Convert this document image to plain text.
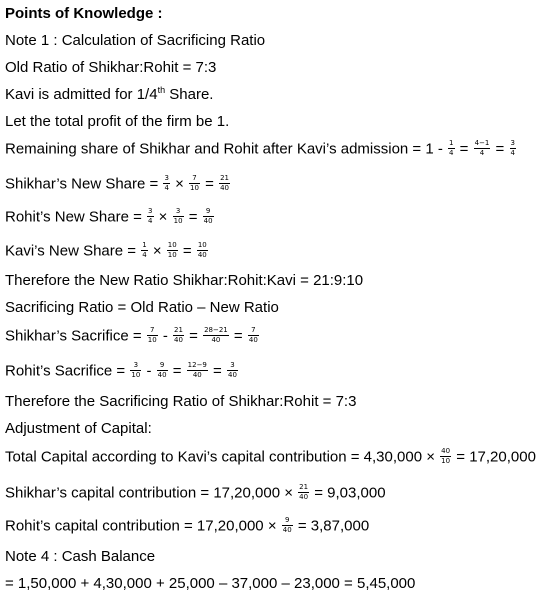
Points of Knowledge :
Note 1 : Calculation of Sacrificing Ratio
Old Ratio of Shikhar:Rohit = 7:3
Kavi is admitted for 1/4th Share.
Let the total profit of the firm be 1.
Remaining share of Shikhar and Rohit after Kavi’s admission = $1 - \frac{1}{4} = \frac{4-1}{4} = \frac{3}{4}$
Shikhar’s New Share = $\frac{3}{4} \times \frac{7}{10} = \frac{21}{40}$
Rohit’s New Share = $\frac{3}{4} \times \frac{3}{10} = \frac{9}{40}$
Kavi’s New Share = $\frac{1}{4} \times \frac{10}{10} = \frac{10}{40}$
Therefore the New Ratio Shikhar:Rohit:Kavi = 21:9:10
Sacrificing Ratio = Old Ratio – New Ratio
Shikhar’s Sacrifice = $\frac{7}{10} - \frac{21}{40} = \frac{28-21}{40} = \frac{7}{40}$
Rohit’s Sacrifice = $\frac{3}{10} - \frac{9}{40} = \frac{12-9}{40} = \frac{3}{40}$
Therefore the Sacrificing Ratio of Shikhar:Rohit = 7:3
Adjustment of Capital:
Total Capital according to Kavi’s capital contribution = $4,30,000 \times \frac{40}{10} = 17,20,000$
Shikhar’s capital contribution = $17,20,000 \times \frac{21}{40} = 9,03,000$
Rohit’s capital contribution = $17,20,000 \times \frac{9}{40} = 3,87,000$
Note 4 : Cash Balance
= 1,50,000 + 4,30,000 + 25,000 – 37,000 – 23,000 = 5,45,000
